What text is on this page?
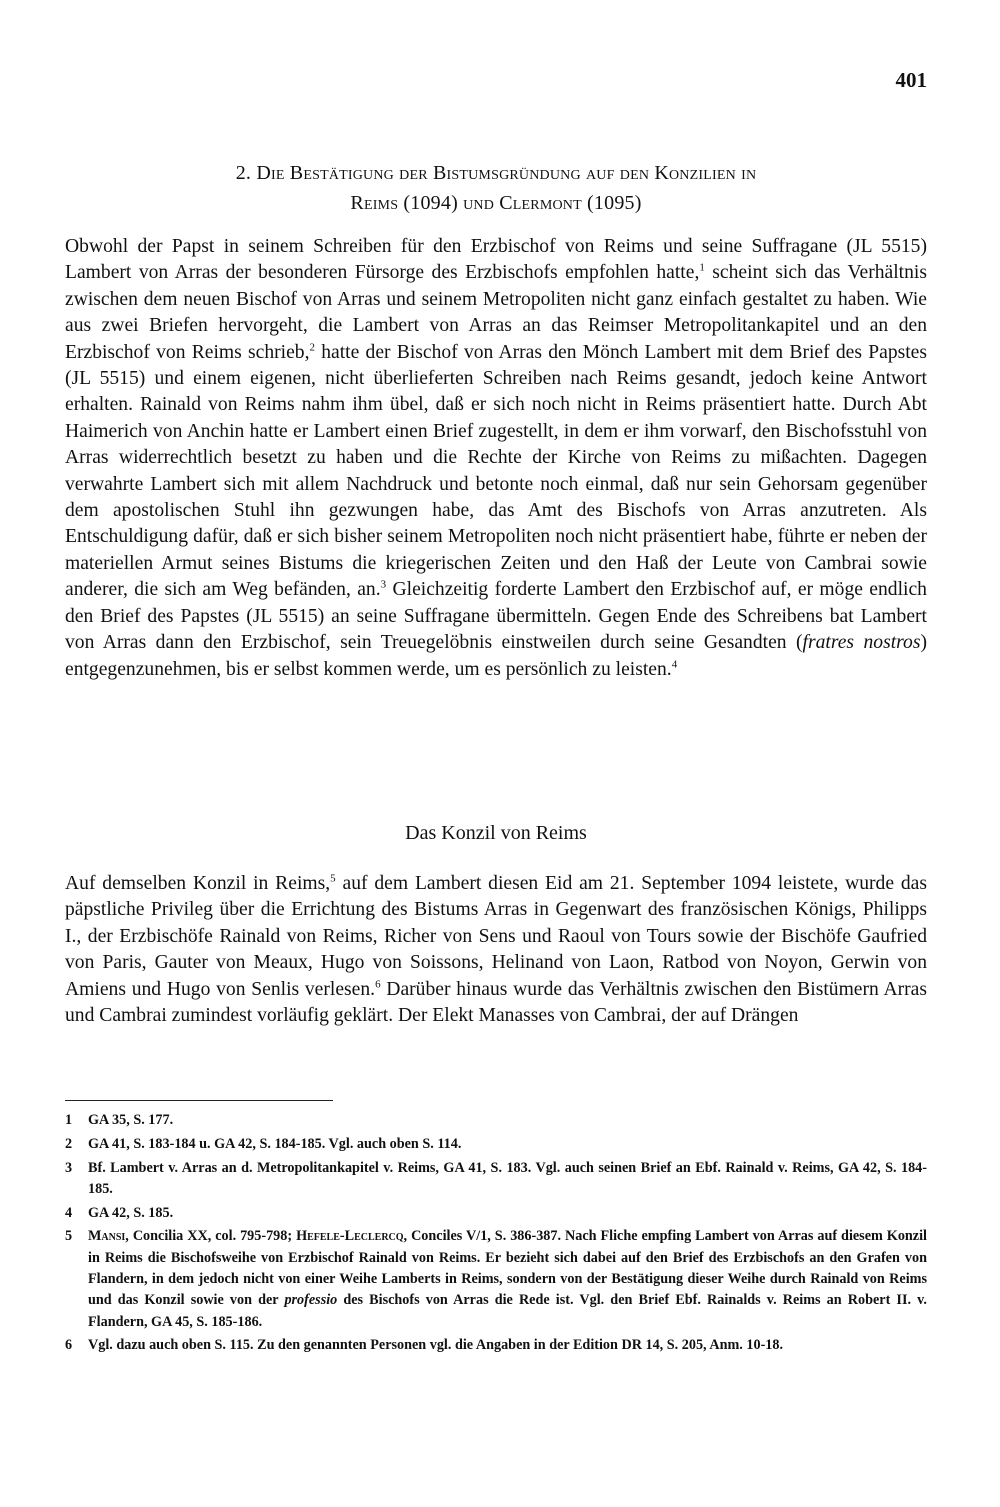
401
2. Die Bestätigung der Bistumsgründung auf den Konzilien in
Reims (1094) und Clermont (1095)

Obwohl der Papst in seinem Schreiben für den Erzbischof von Reims und seine Suffragane (JL 5515) Lambert von Arras der besonderen Fürsorge des Erzbischofs empfohlen hatte,$^1$ scheint sich das Verhältnis zwischen dem neuen Bischof von Arras und seinem Metropoliten nicht ganz einfach gestaltet zu haben. Wie aus zwei Briefen hervorgeht, die Lambert von Arras an das Reimser Metropolitankapitel und an den Erzbischof von Reims schrieb,$^2$ hatte der Bischof von Arras den Mönch Lambert mit dem Brief des Papstes (JL 5515) und einem eigenen, nicht überlieferten Schreiben nach Reims gesandt, jedoch keine Antwort erhalten. Rainald von Reims nahm ihm übel, daß er sich noch nicht in Reims präsentiert hatte. Durch Abt Haimerich von Anchin hatte er Lambert einen Brief zugestellt, in dem er ihm vorwarf, den Bischofsstuhl von Arras widerrechtlich besetzt zu haben und die Rechte der Kirche von Reims zu mißachten. Dagegen verwahrte Lambert sich mit allem Nachdruck und betonte noch einmal, daß nur sein Gehorsam gegenüber dem apostolischen Stuhl ihn gezwungen habe, das Amt des Bischofs von Arras anzutreten. Als Entschuldigung dafür, daß er sich bisher seinem Metropoliten noch nicht präsentiert habe, führte er neben der materiellen Armut seines Bistums die kriegerischen Zeiten und den Haß der Leute von Cambrai sowie anderer, die sich am Weg befänden, an.$^3$ Gleichzeitig forderte Lambert den Erzbischof auf, er möge endlich den Brief des Papstes (JL 5515) an seine Suffragane übermitteln. Gegen Ende des Schreibens bat Lambert von Arras dann den Erzbischof, sein Treuegelöbnis einstweilen durch seine Gesandten (fratres nostros) entgegenzunehmen, bis er selbst kommen werde, um es persönlich zu leisten.$^4$

Das Konzil von Reims

Auf demselben Konzil in Reims,$^5$ auf dem Lambert diesen Eid am 21. September 1094 leistete, wurde das päpstliche Privileg über die Errichtung des Bistums Arras in Gegenwart des französischen Königs, Philipps I., der Erzbischöfe Rainald von Reims, Richer von Sens und Raoul von Tours sowie der Bischöfe Gaufried von Paris, Gauter von Meaux, Hugo von Soissons, Helinand von Laon, Ratbod von Noyon, Gerwin von Amiens und Hugo von Senlis verlesen.$^6$ Darüber hinaus wurde das Verhältnis zwischen den Bistümern Arras und Cambrai zumindest vorläufig geklärt. Der Elekt Manasses von Cambrai, der auf Drängen

1	GA 35, S. 177.
2	GA 41, S. 183-184 u. GA 42, S. 184-185. Vgl. auch oben S. 114.
3	Bf. Lambert v. Arras an d. Metropolitankapitel v. Reims, GA 41, S. 183. Vgl. auch seinen Brief an Ebf. Rainald v. Reims, GA 42, S. 184-185.
4	GA 42, S. 185.
5	Mansi, Concilia XX, col. 795-798; Hefele-Leclercq, Conciles V/1, S. 386-387. Nach Fliche empfing Lambert von Arras auf diesem Konzil in Reims die Bischofsweihe von Erzbischof Rainald von Reims. Er bezieht sich dabei auf den Brief des Erzbischofs an den Grafen von Flandern, in dem jedoch nicht von einer Weihe Lamberts in Reims, sondern von der Bestätigung dieser Weihe durch Rainald von Reims und das Konzil sowie von der professio des Bischofs von Arras die Rede ist. Vgl. den Brief Ebf. Rainalds v. Reims an Robert II. v. Flandern, GA 45, S. 185-186.
6	Vgl. dazu auch oben S. 115. Zu den genannten Personen vgl. die Angaben in der Edition DR 14, S. 205, Anm. 10-18.
